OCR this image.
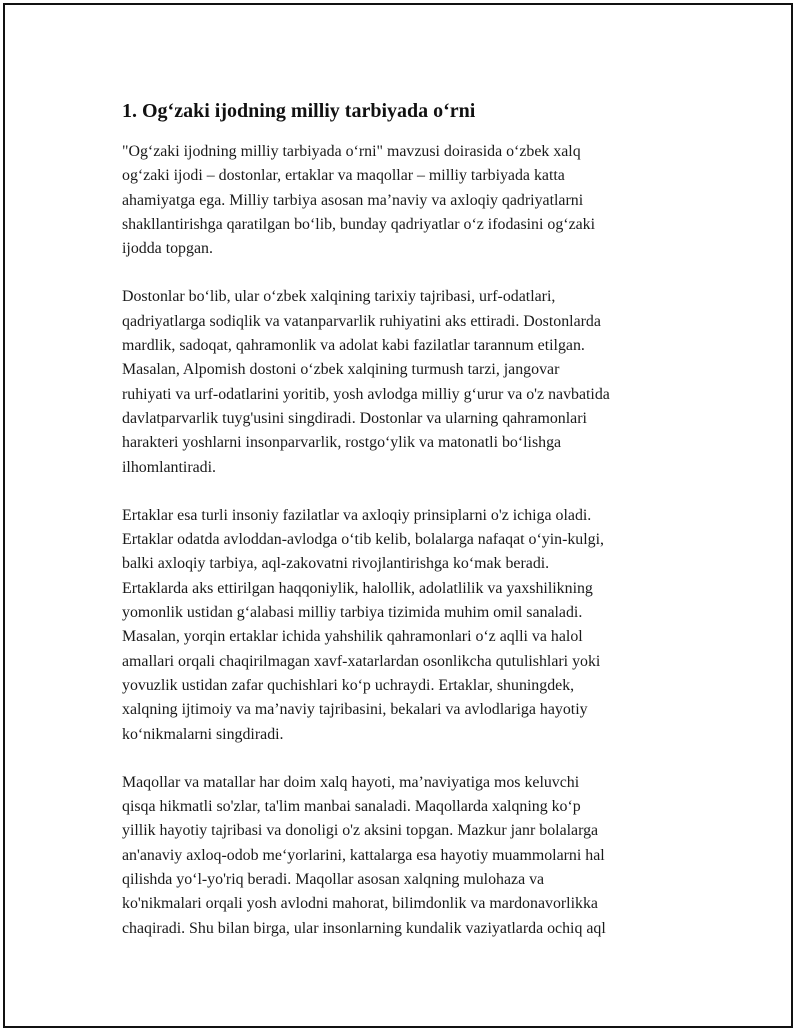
1. Og‘zaki ijodning milliy tarbiyada o‘rni

"Og‘zaki ijodning milliy tarbiyada o‘rni" mavzusi doirasida o‘zbek xalq
og‘zaki ijodi – dostonlar, ertaklar va maqollar – milliy tarbiyada katta
ahamiyatga ega. Milliy tarbiya asosan ma’naviy va axloqiy qadriyatlarni
shakllantirishga qaratilgan bo‘lib, bunday qadriyatlar o‘z ifodasini og‘zaki
ijodda topgan.

Dostonlar bo‘lib, ular o‘zbek xalqining tarixiy tajribasi, urf-odatlari,
qadriyatlarga sodiqlik va vatanparvarlik ruhiyatini aks ettiradi. Dostonlarda
mardlik, sadoqat, qahramonlik va adolat kabi fazilatlar tarannum etilgan.
Masalan, Alpomish dostoni o‘zbek xalqining turmush tarzi, jangovar
ruhiyati va urf-odatlarini yoritib, yosh avlodga milliy g‘urur va o'z navbatida
davlatparvarlik tuyg'usini singdiradi. Dostonlar va ularning qahramonlari
harakteri yoshlarni insonparvarlik, rostgo‘ylik va matonatli bo‘lishga
ilhomlantiradi.

Ertaklar esa turli insoniy fazilatlar va axloqiy prinsiplarni o'z ichiga oladi.
Ertaklar odatda avloddan-avlodga o‘tib kelib, bolalarga nafaqat o‘yin-kulgi,
balki axloqiy tarbiya, aql-zakovatni rivojlantirishga ko‘mak beradi.
Ertaklarda aks ettirilgan haqqoniylik, halollik, adolatlilik va yaxshilikning
yomonlik ustidan g‘alabasi milliy tarbiya tizimida muhim omil sanaladi.
Masalan, yorqin ertaklar ichida yahshilik qahramonlari o‘z aqlli va halol
amallari orqali chaqirilmagan xavf-xatarlardan osonlikcha qutulishlari yoki
yovuzlik ustidan zafar quchishlari ko‘p uchraydi. Ertaklar, shuningdek,
xalqning ijtimoiy va ma’naviy tajribasini, bekalari va avlodlariga hayotiy
ko‘nikmalarni singdiradi.

Maqollar va matallar har doim xalq hayoti, ma’naviyatiga mos keluvchi
qisqa hikmatli so'zlar, ta'lim manbai sanaladi. Maqollarda xalqning ko‘p
yillik hayotiy tajribasi va donoligi o'z aksini topgan. Mazkur janr bolalarga
an'anaviy axloq-odob me‘yorlarini, kattalarga esa hayotiy muammolarni hal
qilishda yo‘l-yo'riq beradi. Maqollar asosan xalqning mulohaza va
ko'nikmalari orqali yosh avlodni mahorat, bilimdonlik va mardonavorlikka
chaqiradi. Shu bilan birga, ular insonlarning kundalik vaziyatlarda ochiq aql
